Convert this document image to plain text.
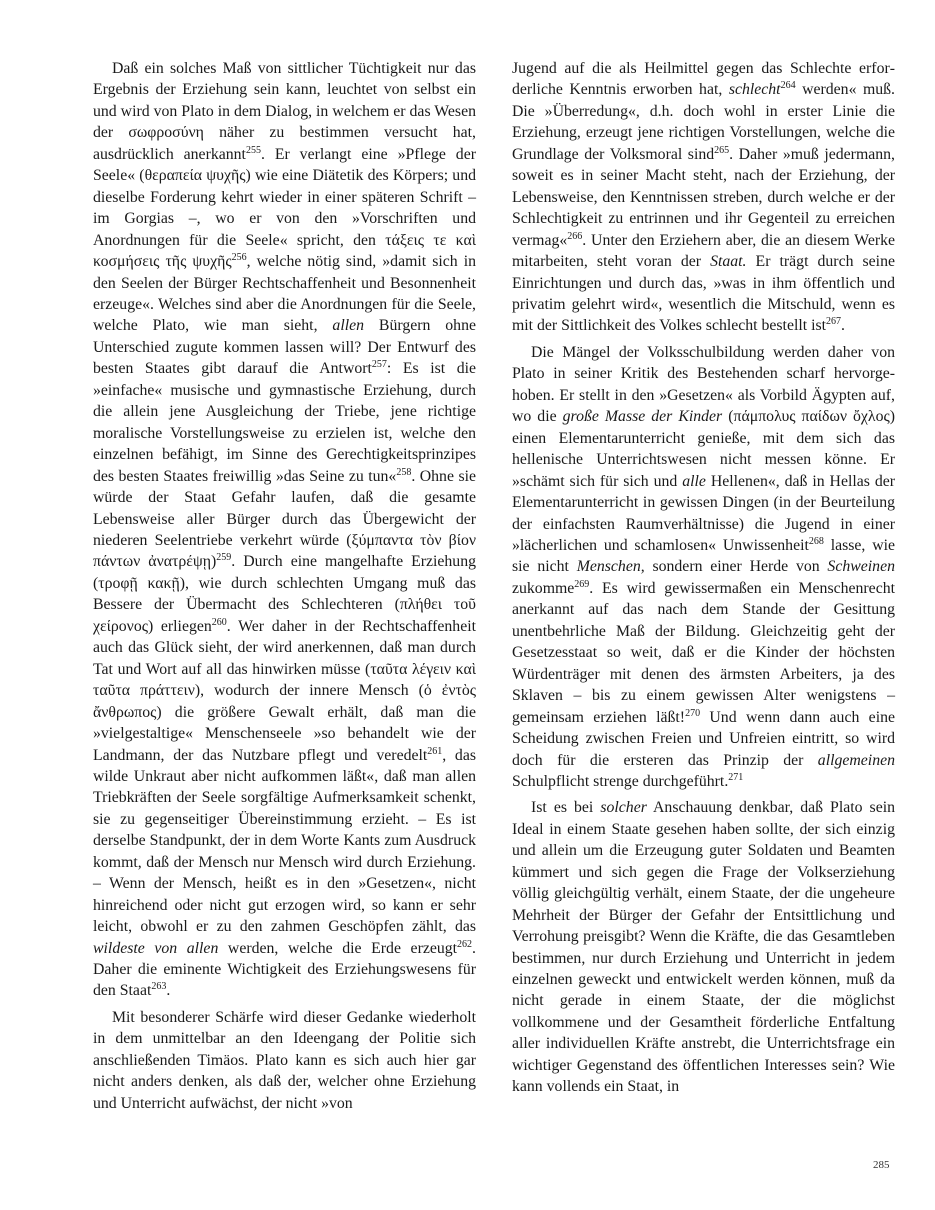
Daß ein solches Maß von sittlicher Tüchtigkeit nur das Ergebnis der Erziehung sein kann, leuchtet von selbst ein und wird von Plato in dem Dialog, in welchem er das Wesen der σωφροσύνη näher zu bestimmen versucht hat, ausdrücklich anerkannt$^{255}$. Er verlangt eine »Pflege der Seele« (θεραπεία ψυχῆς) wie eine Diätetik des Körpers; und dieselbe Forderung kehrt wieder in einer späteren Schrift – im Gorgias –, wo er von den »Vorschriften und Anordnungen für die Seele« spricht, den τάξεις τε καὶ κοσμήσεις τῆς ψυχῆς$^{256}$, welche nötig sind, »damit sich in den Seelen der Bürger Rechtschaffenheit und Besonnenheit erzeuge«. Welches sind aber die Anordnungen für die Seele, welche Plato, wie man sieht, allen Bürgern ohne Unterschied zugute kommen lassen will? Der Entwurf des besten Staates gibt darauf die Antwort$^{257}$: Es ist die »einfache« musische und gymnastische Erziehung, durch die allein jene Ausgleichung der Triebe, jene richtige moralische Vorstellungsweise zu erzielen ist, welche den einzelnen befähigt, im Sinne des Gerechtigkeitsprinzipes des besten Staates freiwillig »das Seine zu tun«$^{258}$. Ohne sie würde der Staat Gefahr laufen, daß die gesamte Lebensweise aller Bürger durch das Übergewicht der niederen Seelentriebe verkehrt würde (ξύμπαντα τὸν βίον πάντων ἀνατρέψῃ)$^{259}$. Durch eine mangelhafte Erziehung (τροφῇ κακῇ), wie durch schlechten Umgang muß das Bessere der Übermacht des Schlechteren (πλήθει τοῦ χείρονος) erliegen$^{260}$. Wer daher in der Rechtschaffenheit auch das Glück sieht, der wird anerkennen, daß man durch Tat und Wort auf all das hinwirken müsse (ταῦτα λέγειν καὶ ταῦτα πράττειν), wodurch der innere Mensch (ὁ ἐντὸς ἄνθρωπος) die größere Gewalt erhält, daß man die »vielgestaltige« Menschenseele »so behandelt wie der Landmann, der das Nutzbare pflegt und veredelt$^{261}$, das wilde Unkraut aber nicht aufkommen läßt«, daß man allen Triebkräften der Seele sorgfältige Aufmerksamkeit schenkt, sie zu gegenseitiger Übereinstimmung erzieht. – Es ist derselbe Standpunkt, der in dem Worte Kants zum Ausdruck kommt, daß der Mensch nur Mensch wird durch Erziehung. – Wenn der Mensch, heißt es in den »Gesetzen«, nicht hinreichend oder nicht gut erzogen wird, so kann er sehr leicht, obwohl er zu den zahmen Geschöpfen zählt, das wildeste von allen werden, welche die Erde erzeugt$^{262}$. Daher die eminente Wichtigkeit des Erziehungswesens für den Staat$^{263}$.

Mit besonderer Schärfe wird dieser Gedanke wiederholt in dem unmittelbar an den Ideengang der Politie sich anschließenden Timäos. Plato kann es sich auch hier gar nicht anders denken, als daß der, welcher ohne Erziehung und Unterricht aufwächst, der nicht »von

Jugend auf die als Heilmittel gegen das Schlechte erforderliche Kenntnis erworben hat, schlecht$^{264}$ werden« muß. Die »Überredung«, d.h. doch wohl in erster Linie die Erziehung, erzeugt jene richtigen Vorstellungen, welche die Grundlage der Volksmoral sind$^{265}$. Daher »muß jedermann, soweit es in seiner Macht steht, nach der Erziehung, der Lebensweise, den Kenntnissen streben, durch welche er der Schlechtigkeit zu entrinnen und ihr Gegenteil zu erreichen vermag«$^{266}$. Unter den Erziehern aber, die an diesem Werke mitarbeiten, steht voran der Staat. Er trägt durch seine Einrichtungen und durch das, »was in ihm öffentlich und privatim gelehrt wird«, wesentlich die Mitschuld, wenn es mit der Sittlichkeit des Volkes schlecht bestellt ist$^{267}$.

Die Mängel der Volksschulbildung werden daher von Plato in seiner Kritik des Bestehenden scharf hervorgehoben. Er stellt in den »Gesetzen« als Vorbild Ägypten auf, wo die große Masse der Kinder (πάμπολυς παίδων ὄχλος) einen Elementarunterricht genieße, mit dem sich das hellenische Unterrichtswesen nicht messen könne. Er »schämt sich für sich und alle Hellenen«, daß in Hellas der Elementarunterricht in gewissen Dingen (in der Beurteilung der einfachsten Raumverhältnisse) die Jugend in einer »lächerlichen und schamlosen« Unwissenheit$^{268}$ lasse, wie sie nicht Menschen, sondern einer Herde von Schweinen zukomme$^{269}$. Es wird gewissermaßen ein Menschenrecht anerkannt auf das nach dem Stande der Gesittung unentbehrliche Maß der Bildung. Gleichzeitig geht der Gesetzesstaat so weit, daß er die Kinder der höchsten Würdenträger mit denen des ärmsten Arbeiters, ja des Sklaven – bis zu einem gewissen Alter wenigstens – gemeinsam erziehen läßt!$^{270}$ Und wenn dann auch eine Scheidung zwischen Freien und Unfreien eintritt, so wird doch für die ersteren das Prinzip der allgemeinen Schulpflicht strenge durchgeführt.$^{271}$

Ist es bei solcher Anschauung denkbar, daß Plato sein Ideal in einem Staate gesehen haben sollte, der sich einzig und allein um die Erzeugung guter Soldaten und Beamten kümmert und sich gegen die Frage der Volkserziehung völlig gleichgültig verhält, einem Staate, der die ungeheure Mehrheit der Bürger der Gefahr der Entsittlichung und Verrohung preisgibt? Wenn die Kräfte, die das Gesamtleben bestimmen, nur durch Erziehung und Unterricht in jedem einzelnen geweckt und entwickelt werden können, muß da nicht gerade in einem Staate, der die möglichst vollkommene und der Gesamtheit förderliche Entfaltung aller individuellen Kräfte anstrebt, die Unterrichtsfrage ein wichtiger Gegenstand des öffentlichen Interesses sein? Wie kann vollends ein Staat, in

285
